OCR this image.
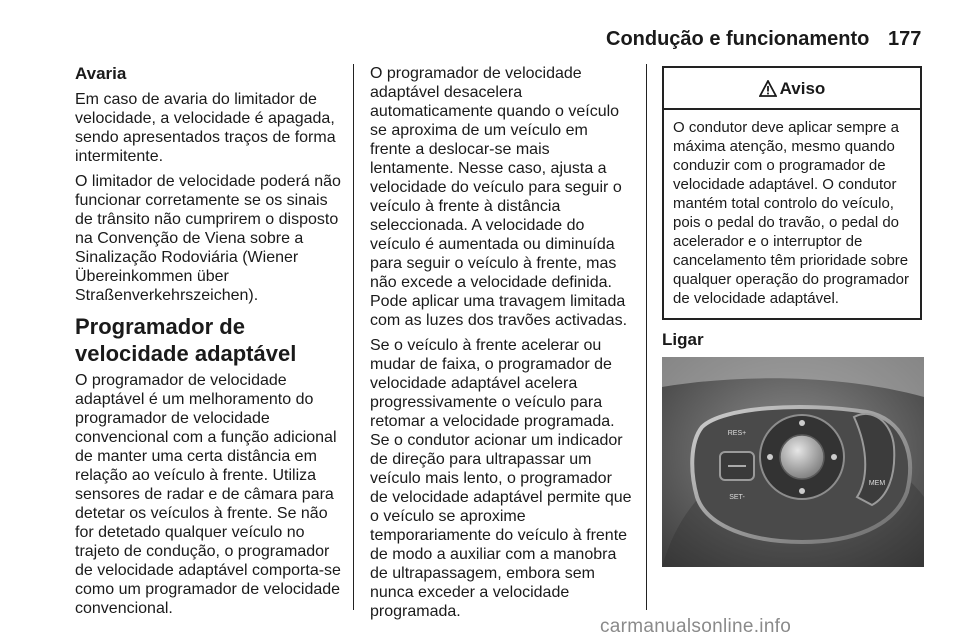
Condução e funcionamento 177
Avaria

Em caso de avaria do limitador de velocidade, a velocidade é apagada, sendo apresentados traços de forma intermitente.

O limitador de velocidade poderá não funcionar corretamente se os sinais de trânsito não cumprirem o disposto na Convenção de Viena sobre a Sinalização Rodoviária (Wiener Übereinkommen über Straßenverkehrszeichen).

Programador de velocidade adaptável

O programador de velocidade adaptável é um melhoramento do programador de velocidade convencional com a função adicional de manter uma certa distância em relação ao veículo à frente. Utiliza sensores de radar e de câmara para detetar os veículos à frente. Se não for detetado qualquer veículo no trajeto de condução, o programador de velocidade adaptável comporta-se como um programador de velocidade convencional.

O programador de velocidade adaptável desacelera automaticamente quando o veículo se aproxima de um veículo em frente a deslocar-se mais lentamente. Nesse caso, ajusta a velocidade do veículo para seguir o veículo à frente à distância seleccionada. A velocidade do veículo é aumentada ou diminuída para seguir o veículo à frente, mas não excede a velocidade definida. Pode aplicar uma travagem limitada com as luzes dos travões activadas.

Se o veículo à frente acelerar ou mudar de faixa, o programador de velocidade adaptável acelera progressivamente o veículo para retomar a velocidade programada. Se o condutor acionar um indicador de direção para ultrapassar um veículo mais lento, o programador de velocidade adaptável permite que o veículo se aproxime temporariamente do veículo à frente de modo a auxiliar com a manobra de ultrapassagem, embora sem nunca exceder a velocidade programada.

Aviso
O condutor deve aplicar sempre a máxima atenção, mesmo quando conduzir com o programador de velocidade adaptável. O condutor mantém total controlo do veículo, pois o pedal do travão, o pedal do acelerador e o interruptor de cancelamento têm prioridade sobre qualquer operação do programador de velocidade adaptável.
Ligar
RES+
SET-
MEM
carmanualsonline.info
